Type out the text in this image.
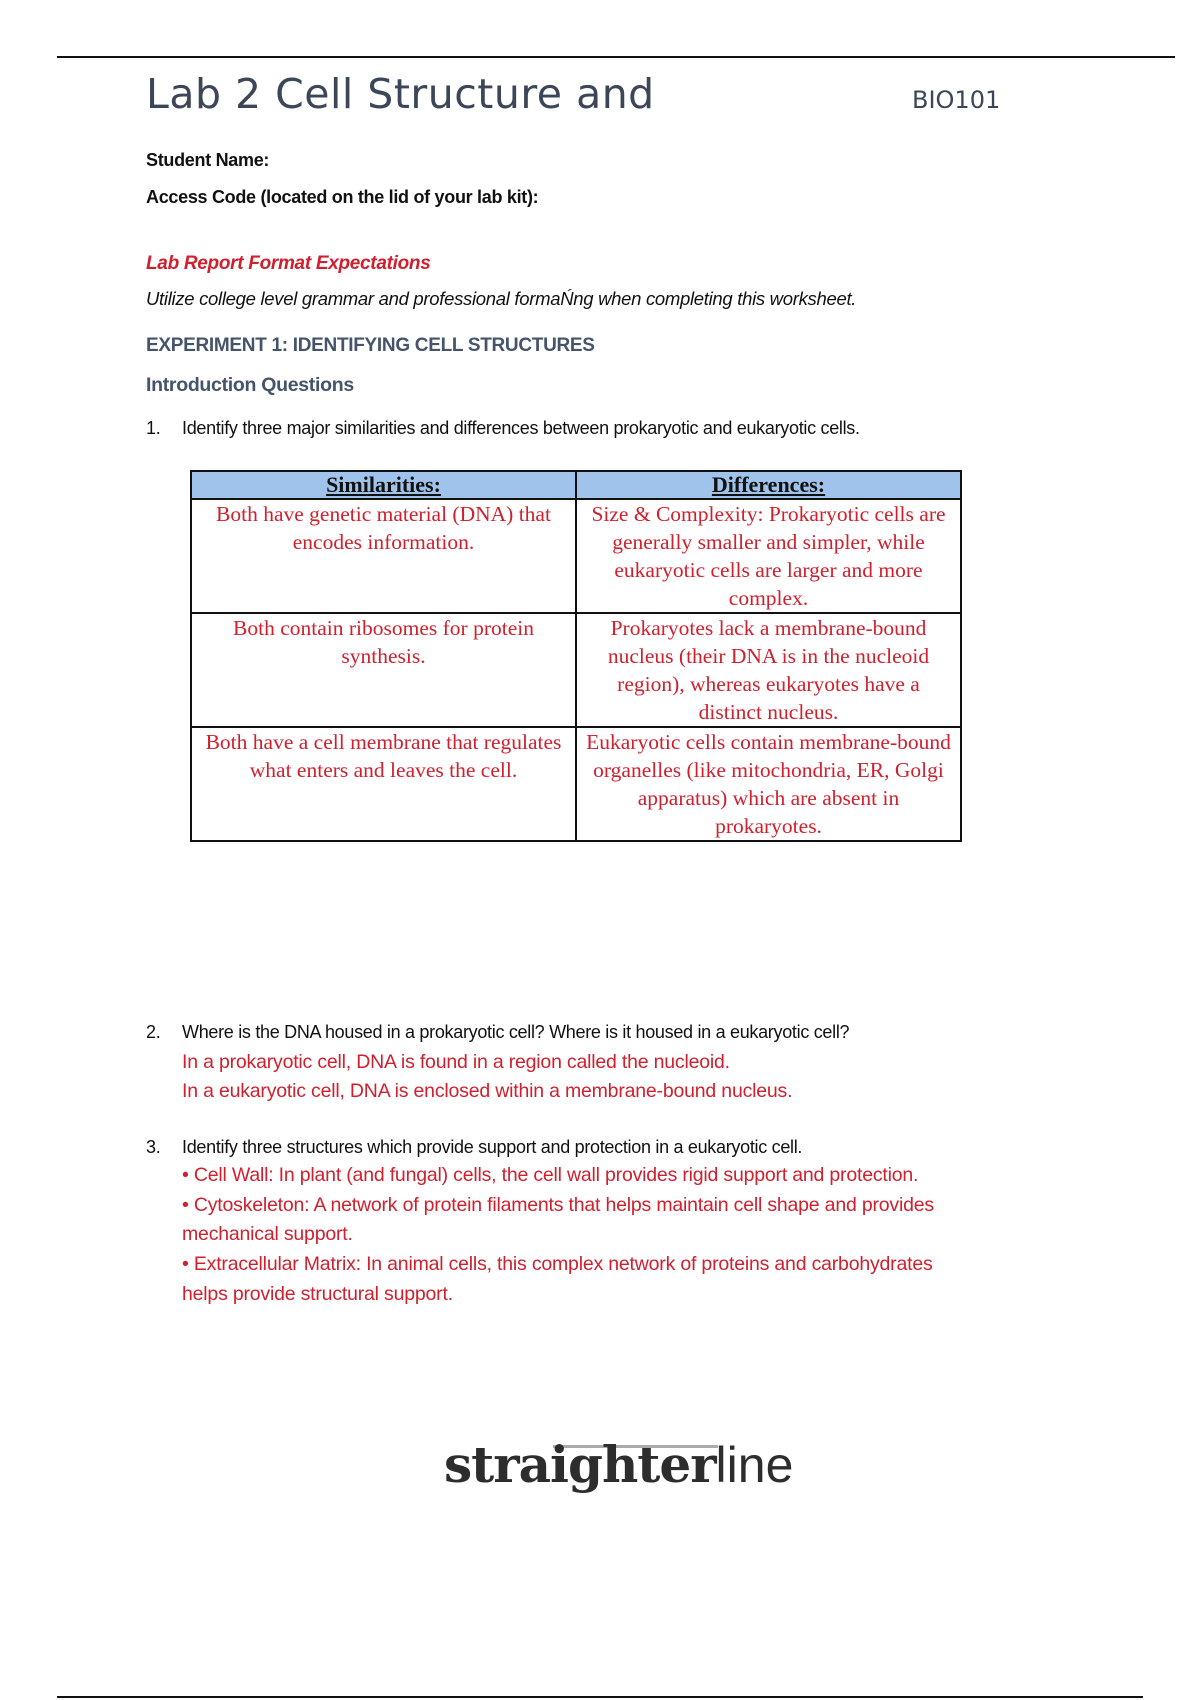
Lab 2 Cell Structure and	BIO101
Student Name:
Access Code (located on the lid of your lab kit):
Lab Report Format Expectations
Utilize college level grammar and professional formaŃng when completing this worksheet.
EXPERIMENT 1: IDENTIFYING CELL STRUCTURES
Introduction Questions
1. Identify three major similarities and differences between prokaryotic and eukaryotic cells.
Similarities:	Differences:
Both have genetic material (DNA) that encodes information.	Size & Complexity: Prokaryotic cells are generally smaller and simpler, while eukaryotic cells are larger and more complex.
Both contain ribosomes for protein synthesis.	Prokaryotes lack a membrane-bound nucleus (their DNA is in the nucleoid region), whereas eukaryotes have a distinct nucleus.
Both have a cell membrane that regulates what enters and leaves the cell.	Eukaryotic cells contain membrane-bound organelles (like mitochondria, ER, Golgi apparatus) which are absent in prokaryotes.
2. Where is the DNA housed in a prokaryotic cell? Where is it housed in a eukaryotic cell?
In a prokaryotic cell, DNA is found in a region called the nucleoid.
In a eukaryotic cell, DNA is enclosed within a membrane-bound nucleus.
3. Identify three structures which provide support and protection in a eukaryotic cell.
• Cell Wall: In plant (and fungal) cells, the cell wall provides rigid support and protection.
• Cytoskeleton: A network of protein filaments that helps maintain cell shape and provides
mechanical support.
• Extracellular Matrix: In animal cells, this complex network of proteins and carbohydrates
helps provide structural support.
straighterline
